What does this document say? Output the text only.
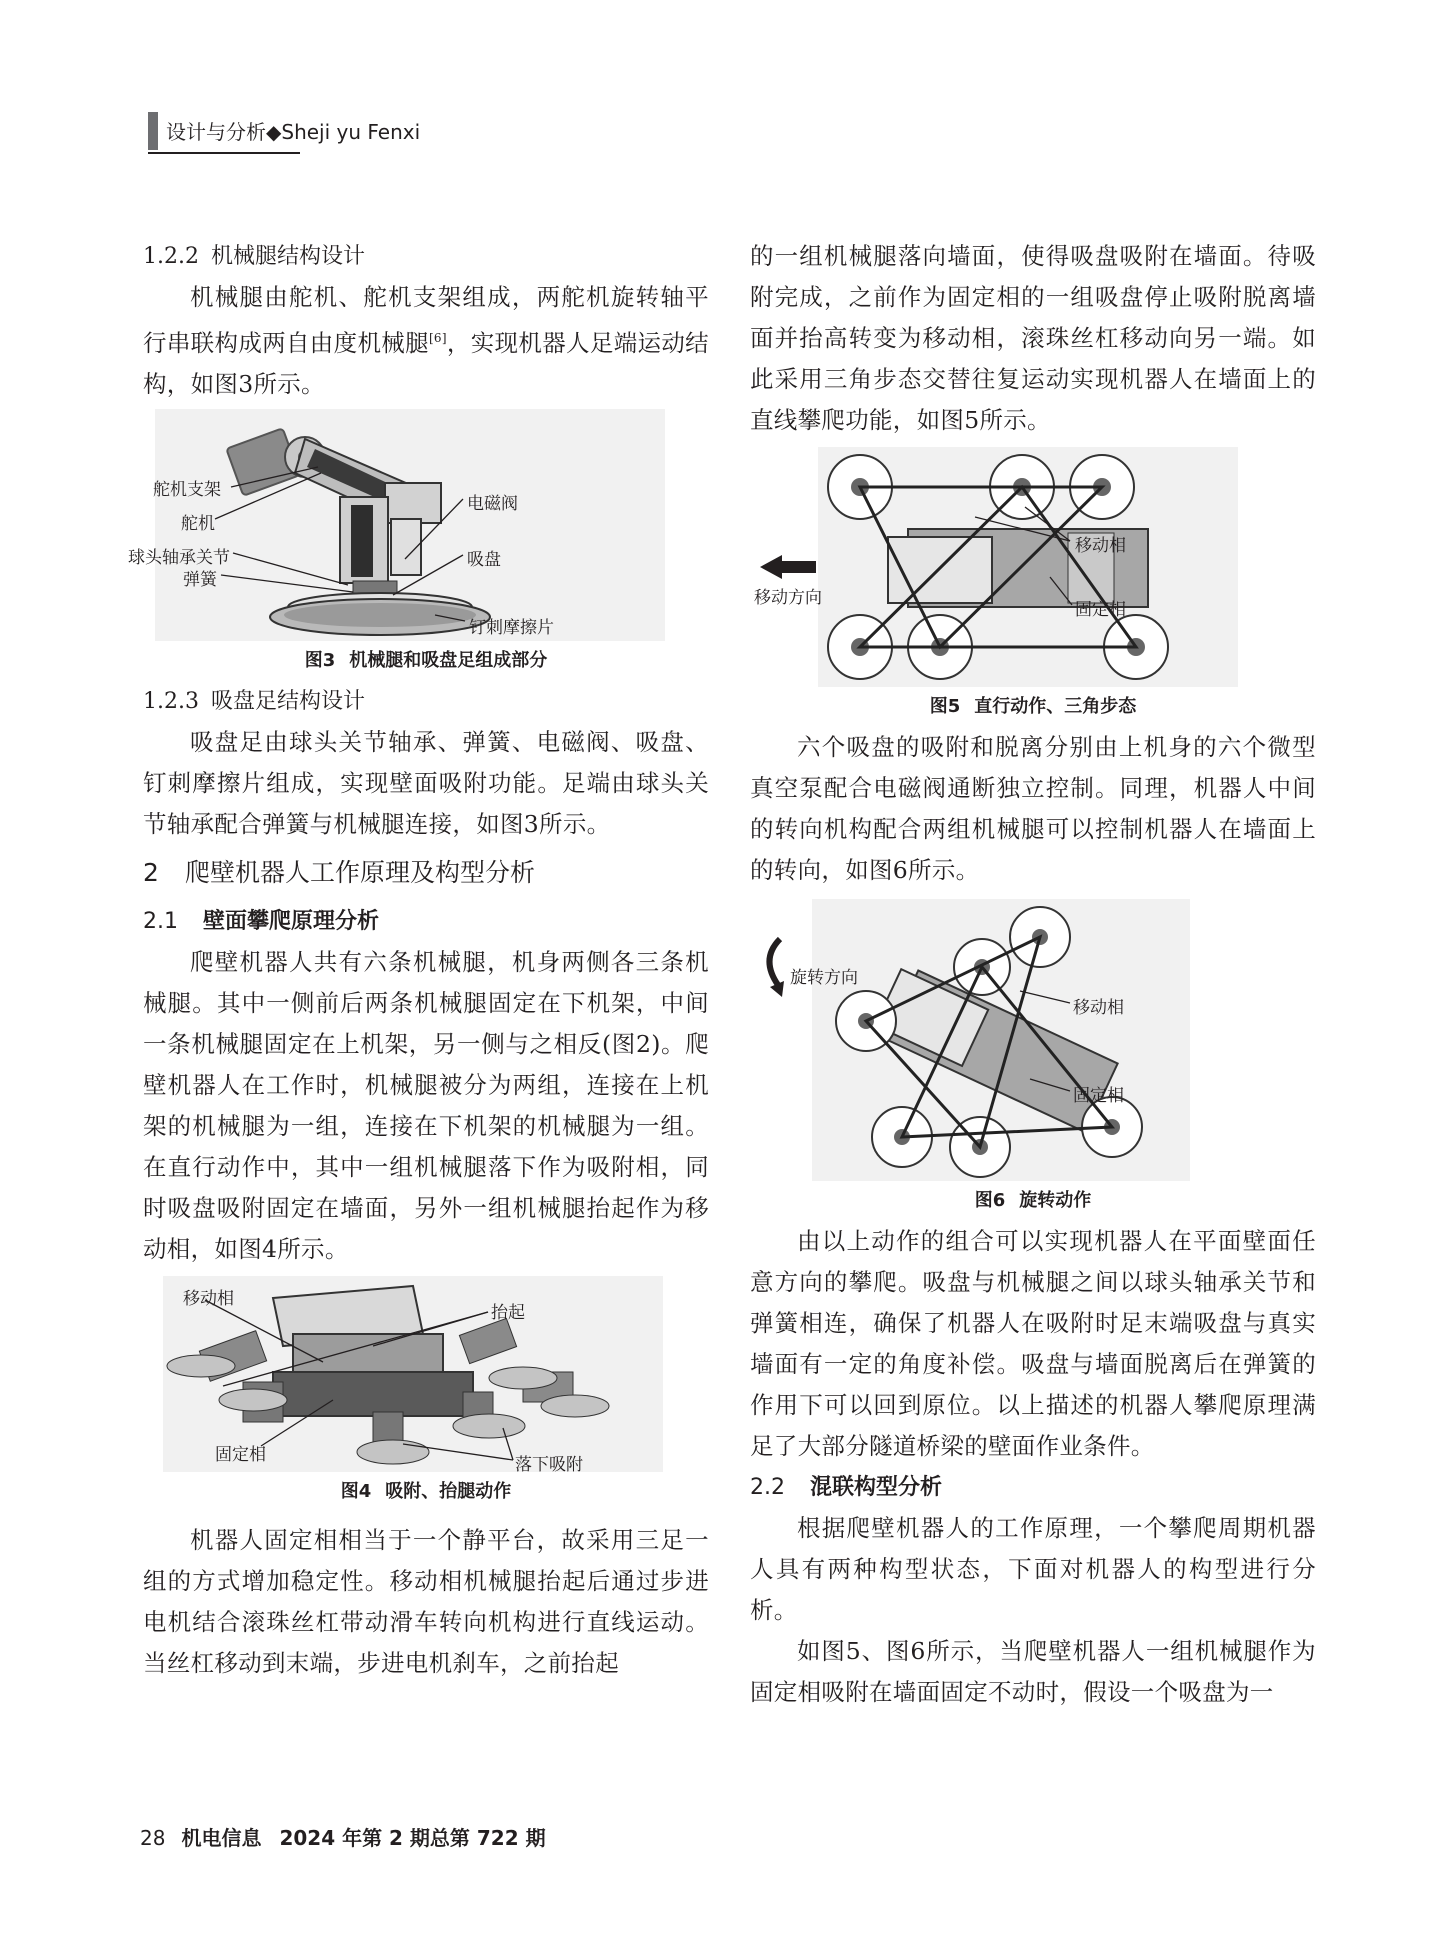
设计与分析◆Sheji yu Fenxi
1.2.2 机械腿结构设计

机械腿由舵机、舵机支架组成，两舵机旋转轴平行串联构成两自由度机械腿[6]，实现机器人足端运动结构，如图3所示。

舵机支架
舵机
球头轴承关节
弹簧
电磁阀
吸盘
钉刺摩擦片
图3 机械腿和吸盘足组成部分
1.2.3 吸盘足结构设计

吸盘足由球头关节轴承、弹簧、电磁阀、吸盘、钉刺摩擦片组成，实现壁面吸附功能。足端由球头关节轴承配合弹簧与机械腿连接，如图3所示。

2 爬壁机器人工作原理及构型分析
2.1 壁面攀爬原理分析

爬壁机器人共有六条机械腿，机身两侧各三条机械腿。其中一侧前后两条机械腿固定在下机架，中间一条机械腿固定在上机架，另一侧与之相反(图2)。爬壁机器人在工作时，机械腿被分为两组，连接在上机架的机械腿为一组，连接在下机架的机械腿为一组。在直行动作中，其中一组机械腿落下作为吸附相，同时吸盘吸附固定在墙面，另外一组机械腿抬起作为移动相，如图4所示。

移动相
抬起
固定相	落下吸附
图4 吸附、抬腿动作

机器人固定相相当于一个静平台，故采用三足一组的方式增加稳定性。移动相机械腿抬起后通过步进电机结合滚珠丝杠带动滑车转向机构进行直线运动。当丝杠移动到末端，步进电机刹车，之前抬起

的一组机械腿落向墙面，使得吸盘吸附在墙面。待吸附完成，之前作为固定相的一组吸盘停止吸附脱离墙面并抬高转变为移动相，滚珠丝杠移动向另一端。如此采用三角步态交替往复运动实现机器人在墙面上的直线攀爬功能，如图5所示。

移动相
移动方向
固定相
图5 直行动作、三角步态

六个吸盘的吸附和脱离分别由上机身的六个微型真空泵配合电磁阀通断独立控制。同理，机器人中间的转向机构配合两组机械腿可以控制机器人在墙面上的转向，如图6所示。

旋转方向
移动相
固定相
图6 旋转动作

由以上动作的组合可以实现机器人在平面壁面任意方向的攀爬。吸盘与机械腿之间以球头轴承关节和弹簧相连，确保了机器人在吸附时足末端吸盘与真实墙面有一定的角度补偿。吸盘与墙面脱离后在弹簧的作用下可以回到原位。以上描述的机器人攀爬原理满足了大部分隧道桥梁的壁面作业条件。

2.2 混联构型分析

根据爬壁机器人的工作原理，一个攀爬周期机器人具有两种构型状态，下面对机器人的构型进行分析。

如图5、图6所示，当爬壁机器人一组机械腿作为固定相吸附在墙面固定不动时，假设一个吸盘为一

28 机电信息 2024 年第 2 期总第 722 期
